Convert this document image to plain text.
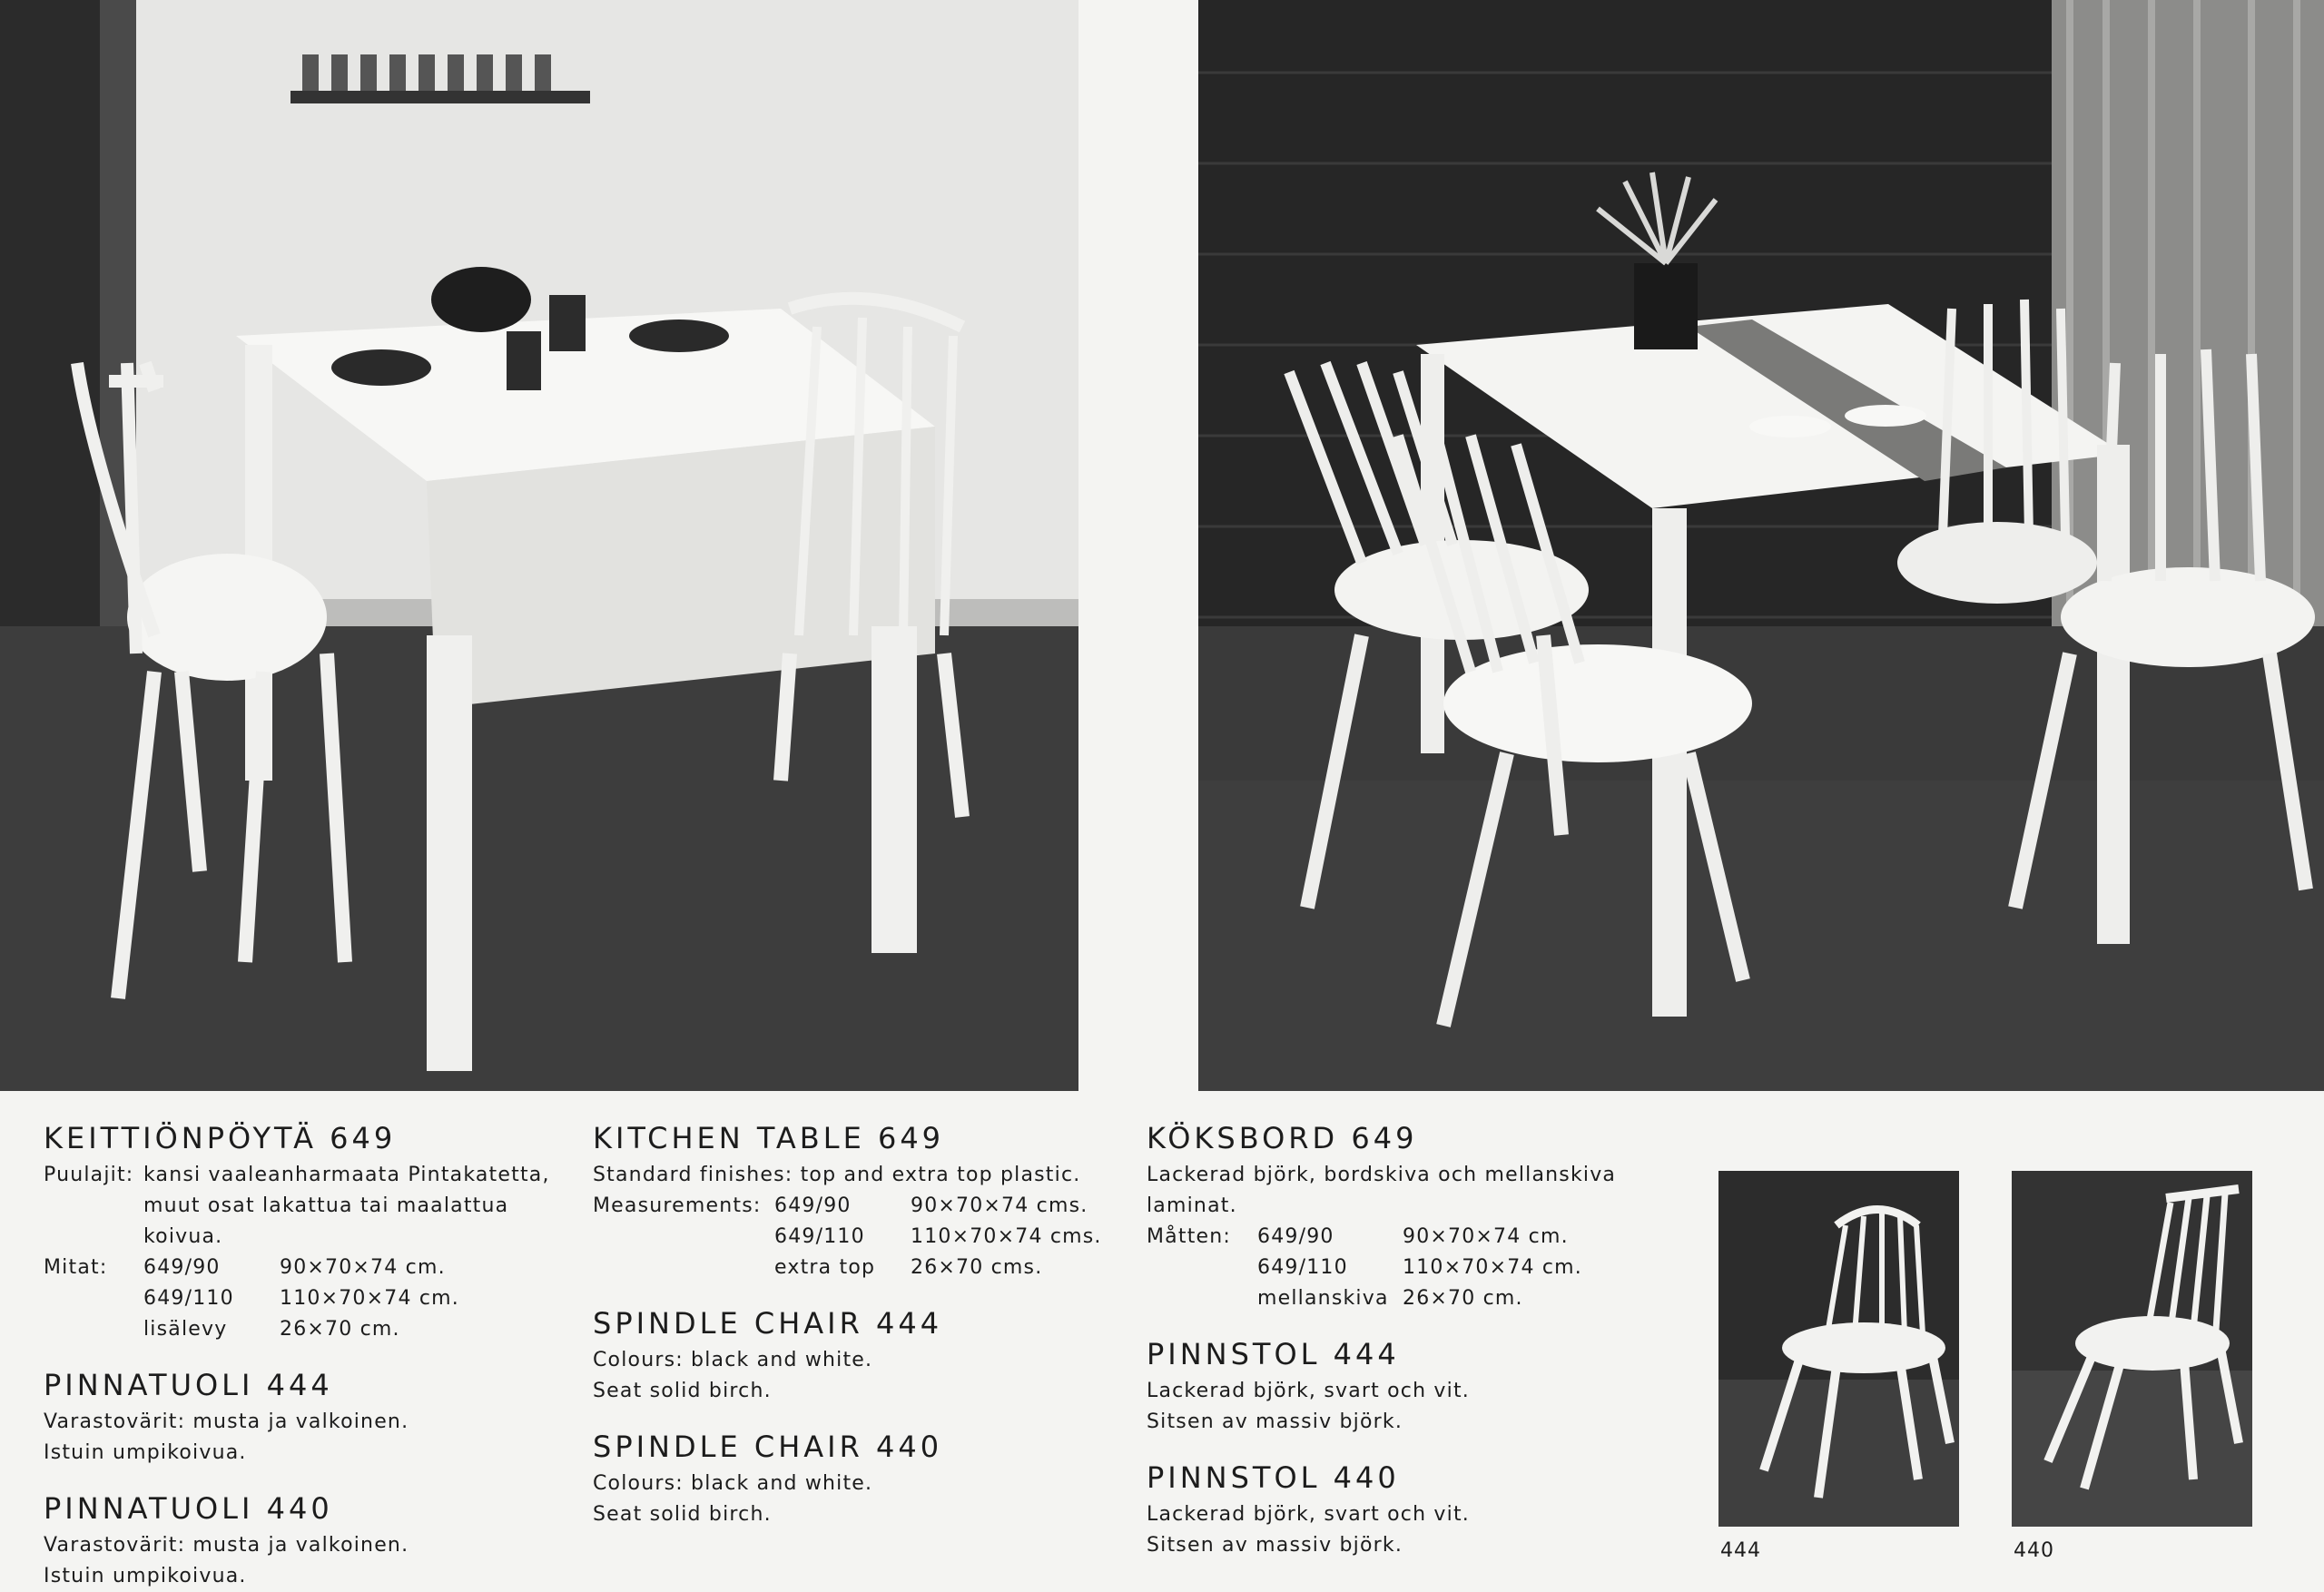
KEITTIÖNPÖYTÄ 649
Puulajit: kansi vaaleanharmaata Pintakatetta,
muut osat lakattua tai maalattua
koivua.
Mitat:	649/90	90×70×74 cm.
649/110	110×70×74 cm.
lisälevy	26×70 cm.
PINNATUOLI 444
Varastovärit: musta ja valkoinen.
Istuin umpikoivua.
PINNATUOLI 440
Varastovärit: musta ja valkoinen.
Istuin umpikoivua.
KITCHEN TABLE 649
Standard finishes: top and extra top plastic.
Measurements: 649/90	90×70×74 cms.
649/110	110×70×74 cms.
extra top	26×70 cms.
SPINDLE CHAIR 444
Colours: black and white.
Seat solid birch.
SPINDLE CHAIR 440
Colours: black and white.
Seat solid birch.
KÖKSBORD 649
Lackerad björk, bordskiva och mellanskiva
laminat.
Måtten:	649/90	90×70×74 cm.
649/110	110×70×74 cm.
mellanskiva 26×70 cm.
PINNSTOL 444
Lackerad björk, svart och vit.
Sitsen av massiv björk.
PINNSTOL 440
Lackerad björk, svart och vit.
Sitsen av massiv björk.	444	440
